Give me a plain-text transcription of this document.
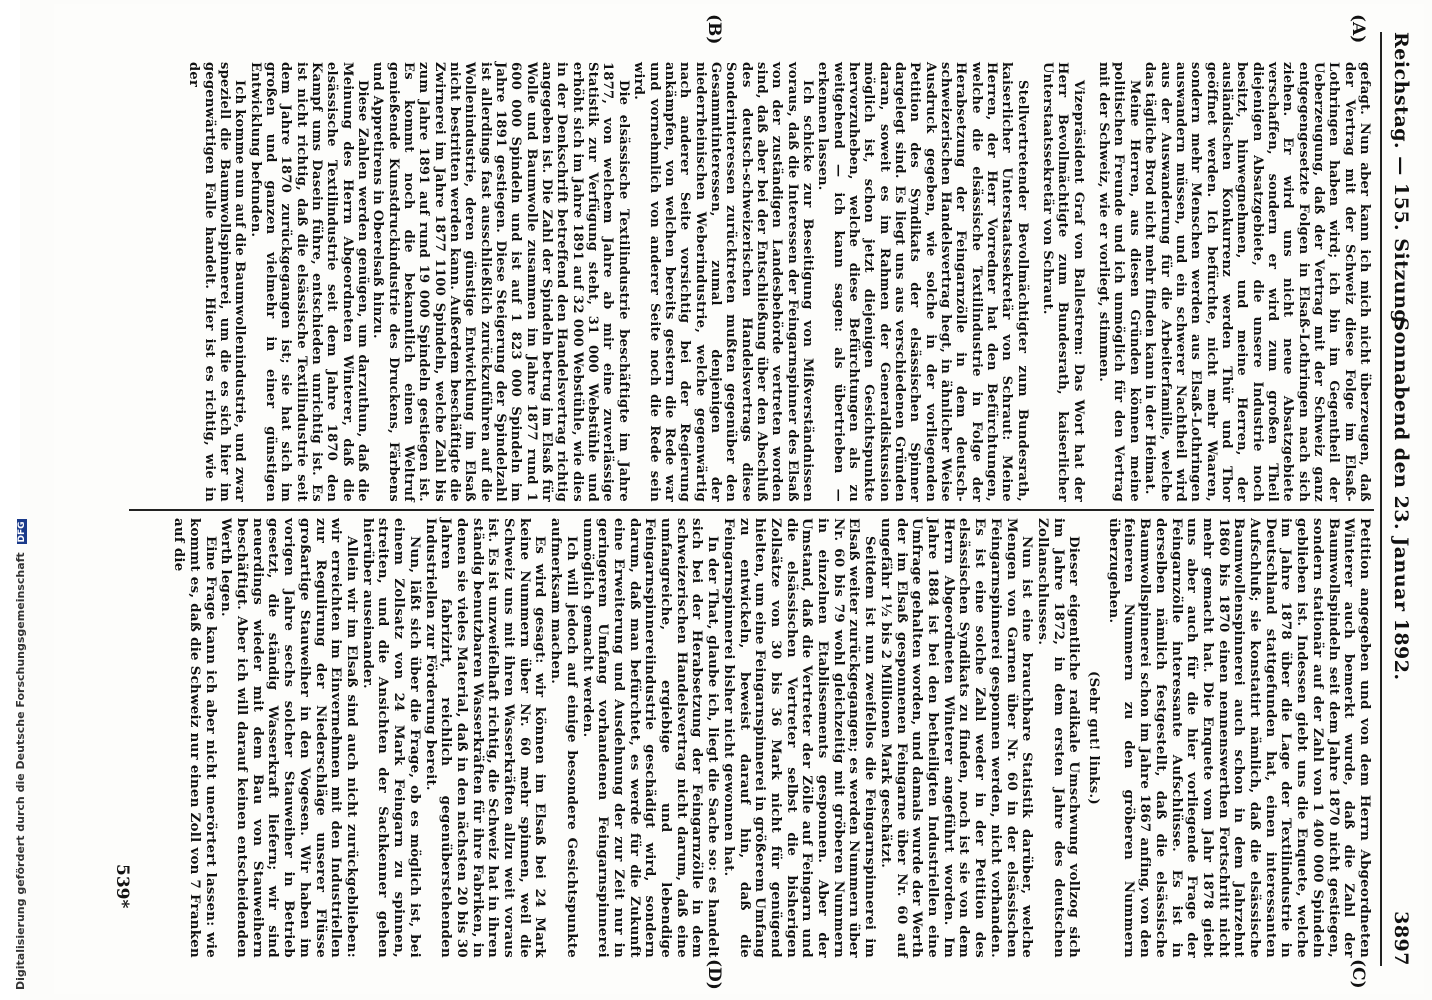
Digitalisierung gefördert durch die Deutsche Forschungsgemeinschaft DFG
Reichstag. — 155. Sitzung.
Sonnabend den 23. Januar 1892.
3897
(A)
(B)
(C)
(D)

gefagt. Nun aber kann ich mich nicht überzeugen, daß der Vertrag mit der Schweiz diese Folge im Elsaß-Lothringen haben wird; ich bin im Gegentheil der Ueberzeugung, daß der Vertrag mit der Schweiz ganz entgegengesetzte Folgen in Elsaß-Lothringen nach sich ziehen. Er wird uns nicht neue Absatzgebiete verschaffen, sondern er wird zum großen Theil diejenigen Absatzgebiete, die unsere Industrie noch besitzt, hinwegnehmen, und meine Herren, der ausländischen Konkurrenz werden Thür und Thor geöffnet werden. Ich befürchte, nicht mehr Waaren, sondern mehr Menschen werden aus Elsaß-Lothringen auswandern müssen, und ein schwerer Nachtheil wird aus der Auswanderung für die Arbeiterfamilie, welche das tägliche Brod nicht mehr finden kann in der Heimat.

Meine Herren, aus diesen Gründen können meine politischen Freunde und ich unmöglich für den Vertrag mit der Schweiz, wie er vorliegt, stimmen.

Vizepräsident Graf von Ballestrem: Das Wort hat der Herr Bevollmächtigte zum Bundesrath, kaiserlicher Unterstaatssekretär von Schraut.

Stellvertretender Bevollmächtigter zum Bundesrath, kaiserlicher Unterstaatssekretär von Schraut: Meine Herren, der Herr Vorredner hat den Befürchtungen, welche die elsässische Textilindustrie in Folge der Herabsetzung der Feingarnzölle in dem deutsch-schweizerischen Handelsvertrag hegt, in ähnlicher Weise Ausdruck gegeben, wie solche in der vorliegenden Petition des Syndikats der elsässischen Spinner dargelegt sind. Es liegt uns aus verschiedenen Gründen daran, soweit es im Rahmen der Generaldiskussion möglich ist, schon jetzt diejenigen Gesichtspunkte hervorzuheben, welche diese Befürchtungen als zu weitgehend — ich kann sagen: als übertrieben — erkennen lassen.

Ich schicke zur Beseitigung von Mißverständnissen voraus, daß die Interessen der Feingarnspinner des Elsaß von der zuständigen Landesbehörde vertreten worden sind, daß aber bei der Entschließung über den Abschluß des deutsch-schweizerischen Handelsvertrags diese Sonderinteressen zurücktreten mußten gegenüber den Gesammtinteressen, zumal denjenigen der niederrheinischen Weberindustrie, welche gegenwärtig nach anderer Seite vorsichtig bei der Regierung ankämpfen, von welchen bereits gestern die Rede war und vornehmlich von anderer Seite noch die Rede sein wird.

Die elsässische Textilindustrie beschäftigte im Jahre 1877, von welchem Jahre ab mir eine zuverlässige Statistik zur Verfügung steht, 31 000 Webstühle und erhöht sich im Jahre 1891 auf 32 000 Webstühle, wie dies in der Denkschrift betreffend den Handelsvertrag richtig angegeben ist. Die Zahl der Spindeln betrug im Elsaß für Wolle und Baumwolle zusammen im Jahre 1877 rund 1 600 000 Spindeln und ist auf 1 823 000 Spindeln im Jahre 1891 gestiegen. Diese Steigerung der Spindelzahl ist allerdings fast ausschließlich zurückzuführen auf die Wollenindustrie, deren günstige Entwicklung im Elsaß nicht bestritten werden kann. Außerdem beschäftigte die Zwirnerei im Jahre 1877 1100 Spindeln, welche Zahl bis zum Jahre 1891 auf rund 19 000 Spindeln gestiegen ist. Es kommt noch die bekanntlich einen Weltruf genießende Kunstdruckindustrie des Druckens, Färbens und Appretirens in Oberelsaß hinzu.

Diese Zahlen werden genügen, um darzuthun, daß die Meinung des Herrn Abgeordneten Winterer, daß die elsässische Textilindustrie seit dem Jahre 1870 den Kampf ums Dasein führe, entschieden unrichtig ist. Es ist nicht richtig, daß die elsässische Textilindustrie seit dem Jahre 1870 zurückgegangen ist; sie hat sich im großen und ganzen vielmehr in einer günstigen Entwicklung befunden.

Ich komme nun auf die Baumwollenindustrie, und zwar speziell die Baumwollspinnerei, um die es sich hier im gegenwärtigen Falle handelt. Hier ist es richtig, wie in der

Petition angegeben und von dem Herrn Abgeordneten Winterer auch bemerkt wurde, daß die Zahl der Baumwollspindeln seit dem Jahre 1870 nicht gestiegen, sondern stationär auf der Zahl von 1 400 000 Spindeln geblieben ist. Indessen giebt uns die Enquete, welche im Jahre 1878 über die Lage der Textilindustrie in Deutschland stattgefunden hat, einen interessanten Aufschluß; sie konstatirt nämlich, daß die elsässische Baumwollenspinnerei auch schon in dem Jahrzehnt 1860 bis 1870 einen nennenswerthen Fortschritt nicht mehr gemacht hat. Die Enquete vom Jahr 1878 giebt uns aber auch für die hier vorliegende Frage der Feingarnzölle interessante Aufschlüsse. Es ist in derselben nämlich festgestellt, daß die elsässische Baumwollspinnerei schon im Jahre 1867 anfing, von den feineren Nummern zu den gröberen Nummern überzugehen.

(Sehr gut! links.)

Dieser eigentliche radikale Umschwung vollzog sich im Jahre 1872, in dem ersten Jahre des deutschen Zollanschlusses.

Nun ist eine brauchbare Statistik darüber, welche Mengen von Garnen über Nr. 60 in der elsässischen Feingarnspinnerei gesponnen werden, nicht vorhanden. Es ist eine solche Zahl weder in der Petition des elsässischen Syndikats zu finden, noch ist sie von dem Herrn Abgeordneten Winterer angeführt worden. Im Jahre 1884 ist bei den betheiligten Industriellen eine Umfrage gehalten worden, und damals wurde der Werth der im Elsaß gesponnenen Feingarne über Nr. 60 auf ungefähr 1½ bis 2 Millionen Mark geschätzt.

Seitdem ist nun zweifellos die Feingarnspinnerei im Elsaß weiter zurückgegangen; es werden Nummern über Nr. 60 bis 79 wohl gleichzeitig mit gröberen Nummern in einzelnen Etablissements gesponnen. Aber der Umstand, daß die Vertreter der Zölle auf Feingarn und die elsässischen Vertreter selbst die bisherigen Zollsätze von 30 bis 36 Mark nicht für genügend hielten, um eine Feingarnspinnerei in größerem Umfang zu entwickeln, beweist darauf hin, daß die Feingarnspinnerei bisher nicht gewonnen hat.

In der That, glaube ich, liegt die Sache so: es handelt sich bei der Herabsetzung der Feingarnzölle in dem schweizerischen Handelsvertrag nicht darum, daß eine umfangreiche, ergiebige und lebendige Feingarnspinnereiindustrie geschädigt wird, sondern darum, daß man befürchtet, es werde für die Zukunft eine Erweiterung und Ausdehnung der zur Zeit nur in geringerem Umfang vorhandenen Feingarnspinnerei unmöglich gemacht werden.

Ich will jedoch auf einige besondere Gesichtspunkte aufmerksam machen.

Es wird gesagt: wir können im Elsaß bei 24 Mark keine Nummern über Nr. 60 mehr spinnen, weil die Schweiz uns mit ihren Wasserkräften allzu weit voraus ist. Es ist unzweifelhaft richtig, die Schweiz hat in ihren ständig benutzbaren Wasserkräften für ihre Fabriken, in denen sie vieles Material, daß in den nächsten 20 bis 30 Jahren fabrizirt, reichlich gegenüberstehenden Industriellen zur Förderung bereit.

Nun, läßt sich über die Frage, ob es möglich ist, bei einem Zollsatz von 24 Mark Feingarn zu spinnen, streiten, und die Ansichten der Sachkenner gehen hierüber auseinander.

Allein wir im Elsaß sind auch nicht zurückgeblieben: wir erreichten im Einvernehmen mit den Industriellen zur Regulirung der Niederschläge unserer Flüsse großartige Stauweiher in den Vogesen. Wir haben im vorigen Jahre sechs solcher Stauweiher in Betrieb gesetzt, die ständig Wasserkraft liefern; wir sind neuerdings wieder mit dem Bau von Stauweihern beschäftigt. Aber ich will darauf keinen entscheidenden Werth legen.

Eine Frage kann ich aber nicht unerörtert lassen: wie kommt es, daß die Schweiz nur einen Zoll von 7 Franken auf die

539*
